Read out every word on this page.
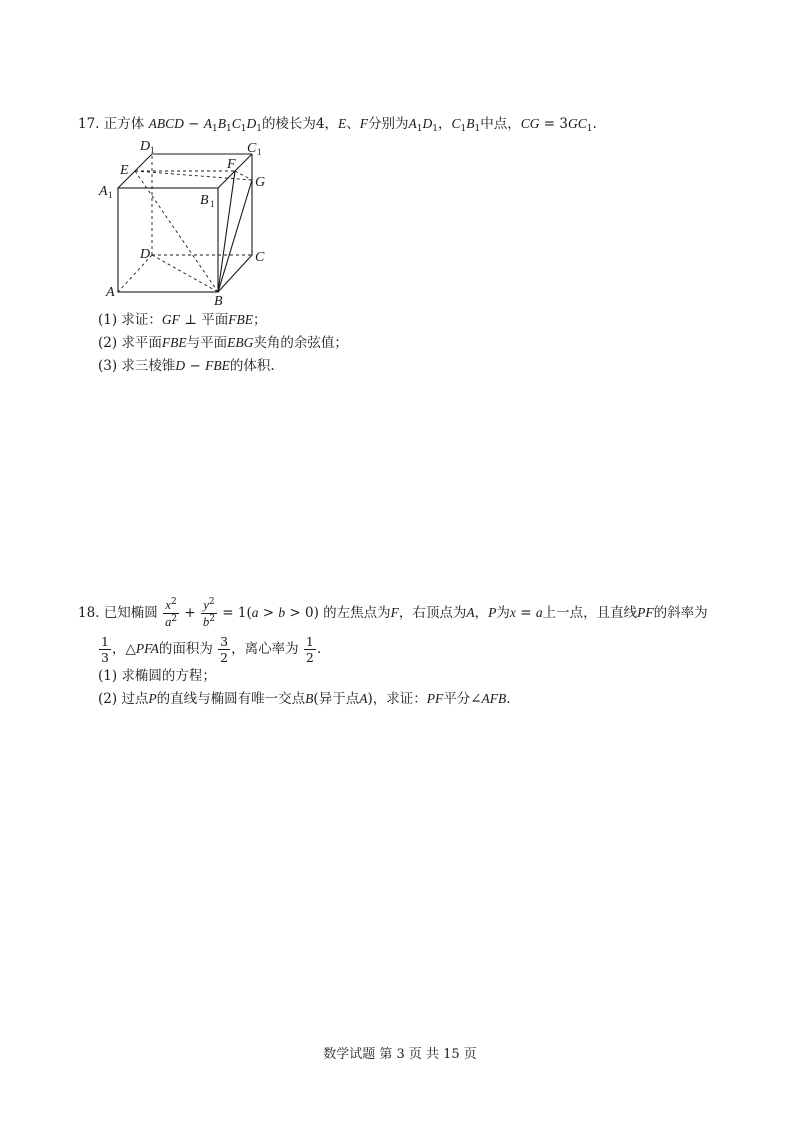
17. 正方体 ABCD − $A_1B_1C_1D_1$的棱长为4，E、F分别为$A_1D_1$，$C_1B_1$中点，CG = $3GC_1$.
D 1	C 1
E	F
A 1
G
B 1
D	C
A
B
(1) 求证：GF ⊥ 平面FBE；
(2) 求平面FBE与平面EBG夹角的余弦值；
(3) 求三棱锥D − FBE的体积.
18. 已知椭圆 $\frac{x^2}{a^2} + \frac{y^2}{b^2} = 1(a > b > 0)$ 的左焦点为F，右顶点为A，P为x = a上一点，且直线PF的斜率为
$\frac{1}{3}$ ，△PFA的面积为 $\frac{3}{2}$ ，离心率为 $\frac{1}{2}$ .
(1) 求椭圆的方程；
(2) 过点P的直线与椭圆有唯一交点B(异于点A)，求证：PF平分∠AFB.
数学试题 第 3 页 共 15 页
